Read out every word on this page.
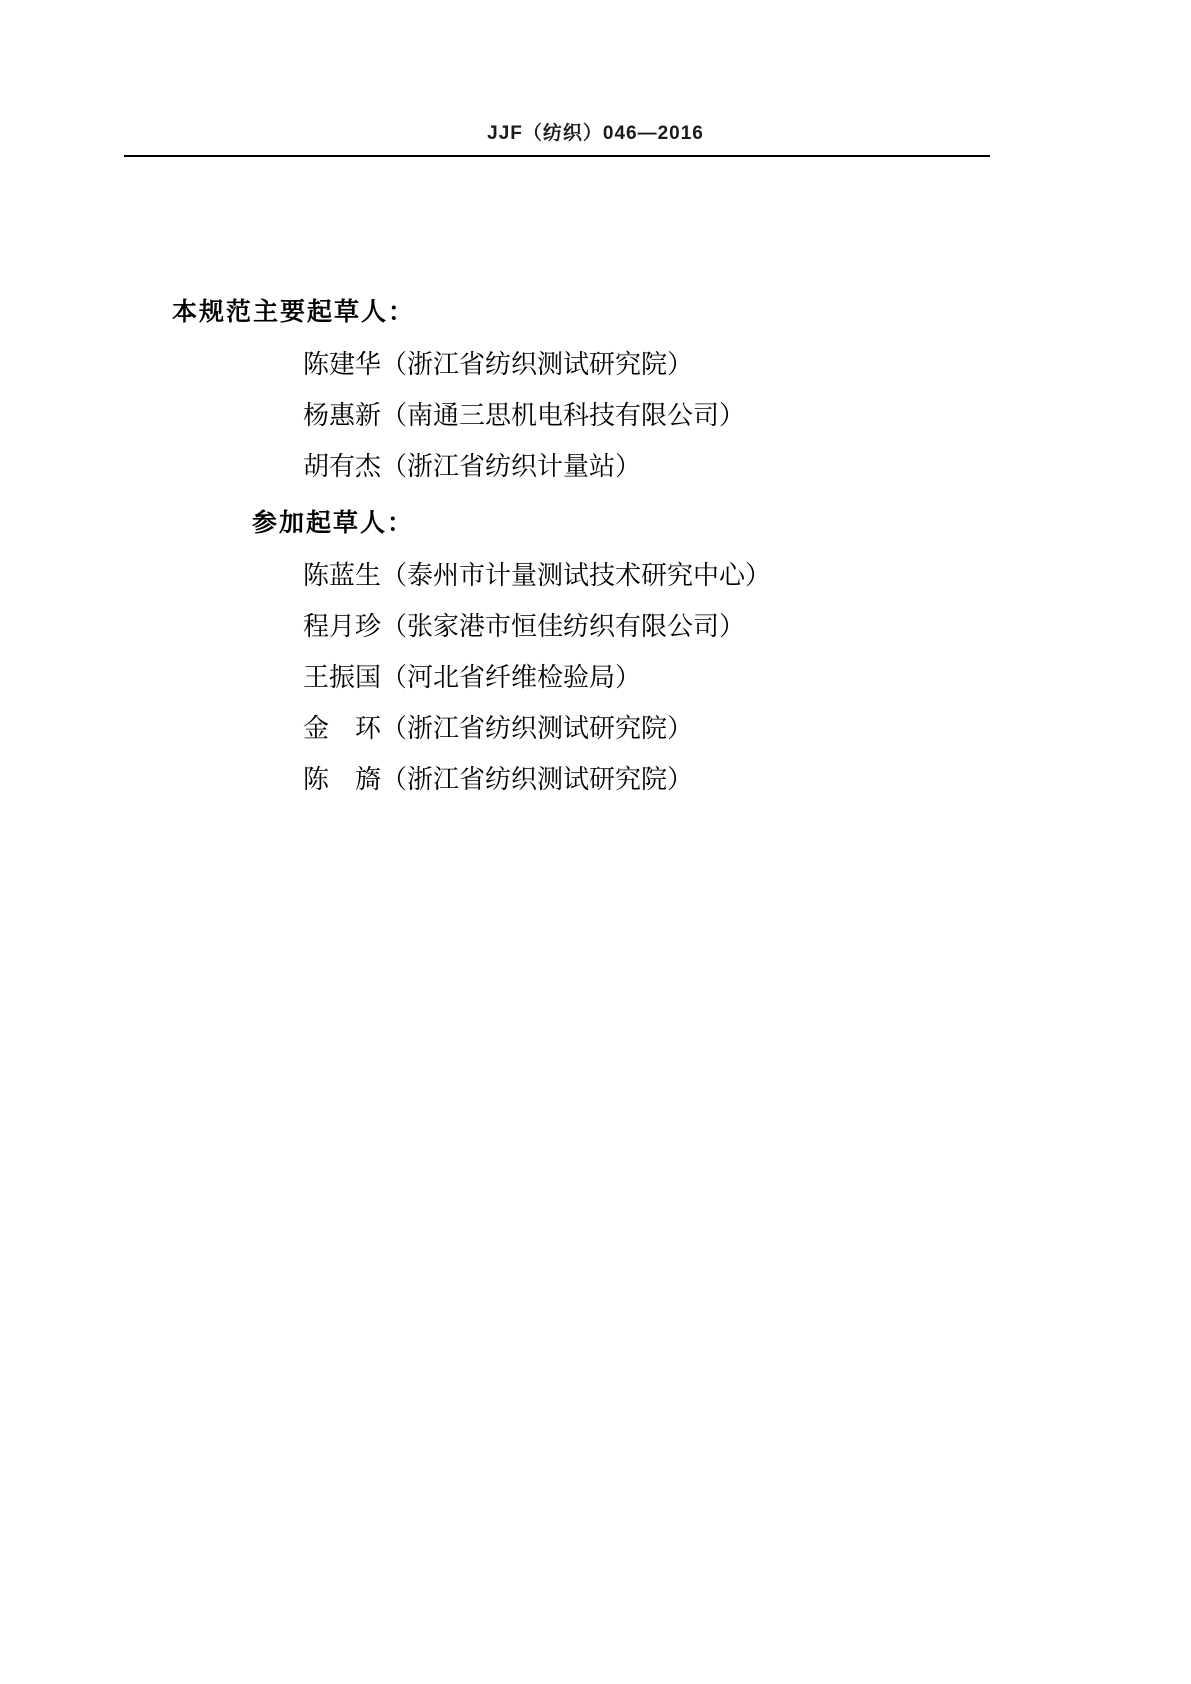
JJF（纺织）046—2016
本规范主要起草人：
陈建华（浙江省纺织测试研究院）
杨惠新（南通三思机电科技有限公司）
胡有杰（浙江省纺织计量站）
参加起草人：
陈蓝生（泰州市计量测试技术研究中心）
程月珍（张家港市恒佳纺织有限公司）
王振国（河北省纤维检验局）
金　环（浙江省纺织测试研究院）
陈　旖（浙江省纺织测试研究院）
